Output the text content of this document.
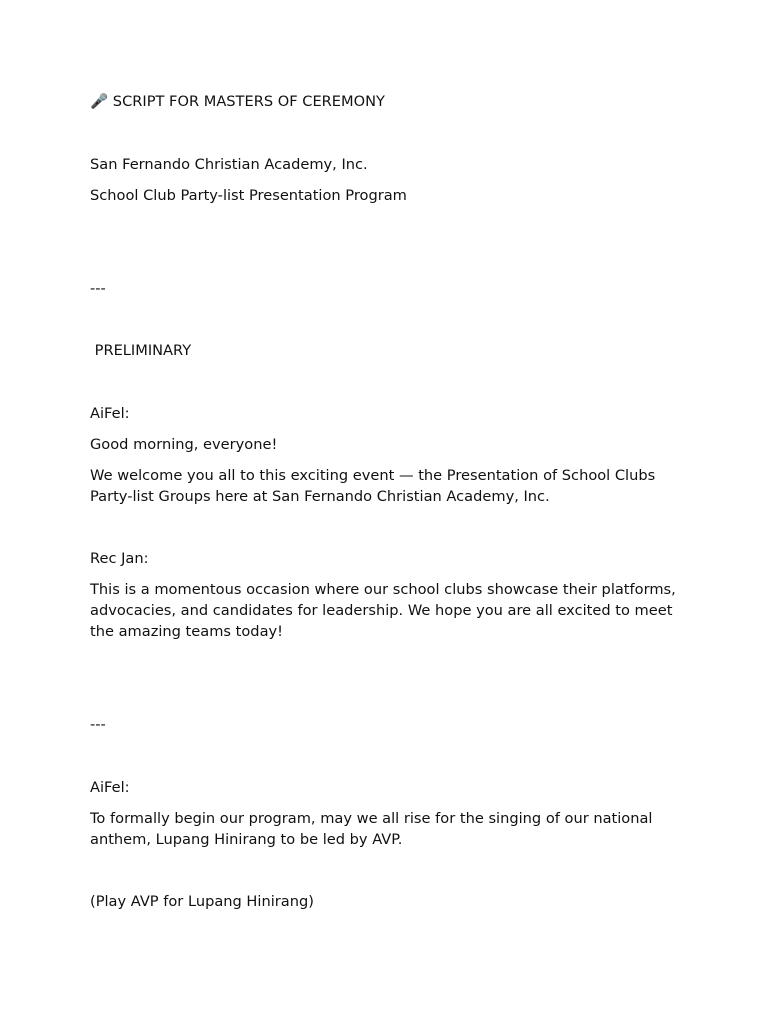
🎤 SCRIPT FOR MASTERS OF CEREMONY

San Fernando Christian Academy, Inc.

School Club Party-list Presentation Program

---

PRELIMINARY

AiFel:

Good morning, everyone!

We welcome you all to this exciting event — the Presentation of School Clubs Party-list Groups here at San Fernando Christian Academy, Inc.

Rec Jan:

This is a momentous occasion where our school clubs showcase their platforms, advocacies, and candidates for leadership. We hope you are all excited to meet the amazing teams today!

---

AiFel:

To formally begin our program, may we all rise for the singing of our national anthem, Lupang Hinirang to be led by AVP.

(Play AVP for Lupang Hinirang)
